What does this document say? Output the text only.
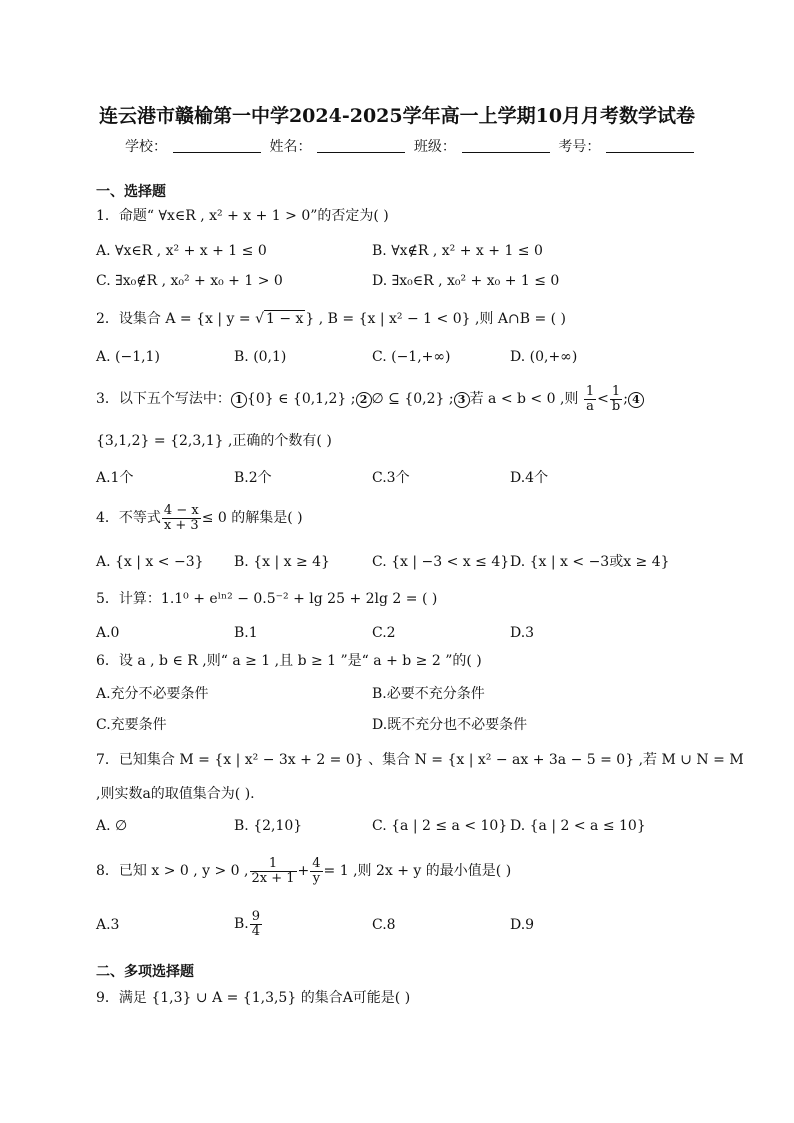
连云港市赣榆第一中学2024-2025学年高一上学期10月月考数学试卷
学校：	姓名：	班级：	考号：
一、选择题
1．命题“ ∀x∈R , x² + x + 1 > 0”的否定为( )
A. ∀x∈R , x² + x + 1 ≤ 0	B. ∀x∉R , x² + x + 1 ≤ 0
C. ∃x₀∉R , x₀² + x₀ + 1 > 0	D. ∃x₀∈R , x₀² + x₀ + 1 ≤ 0
2．设集合 A = {x | y = √ 1 − x } , B = {x | x² − 1 < 0} ,则 A∩B = ( )
A. (−1,1)	B. (0,1)	C. (−1,+∞)	D. (0,+∞)
3．以下五个写法中： 1 {0} ∈ {0,1,2} ; 2 ∅ ⊆ {0,2} ; 3 若 a < b < 0 ,则 $\frac{1}{a} < \frac{1}{b}$ ; 4
{3,1,2} = {2,3,1} ,正确的个数有( )
A.1个	B.2个	C.3个	D.4个
4．不等式 $\frac{4 - x}{x + 3} \le 0$ 的解集是( )
A. {x | x < −3} B. {x | x ≥ 4}	C. {x | −3 < x ≤ 4} D. {x | x < −3或x ≥ 4}
5．计算：1.1⁰ + eˡⁿ² − 0.5⁻² + lg 25 + 2lg 2 = ( )
A.0	B.1	C.2	D.3
6．设 a , b ∈ R ,则“ a ≥ 1 ,且 b ≥ 1 ”是“ a + b ≥ 2 ”的( )
A.充分不必要条件	B.必要不充分条件
C.充要条件	D.既不充分也不必要条件
7．已知集合 M = {x | x² − 3x + 2 = 0} 、集合 N = {x | x² − ax + 3a − 5 = 0} ,若 M ∪ N = M
,则实数a的取值集合为( ).
A. ∅	B. {2,10}	C. {a | 2 ≤ a < 10} D. {a | 2 < a ≤ 10}
8．已知 x > 0 , y > 0 , $\frac{1}{2x + 1} + \frac{4}{y} = 1$ ,则 2x + y 的最小值是( )
A.3	B. $\frac{9}{4}$	C.8	D.9
二、多项选择题
9．满足 {1,3} ∪ A = {1,3,5} 的集合A可能是( )
